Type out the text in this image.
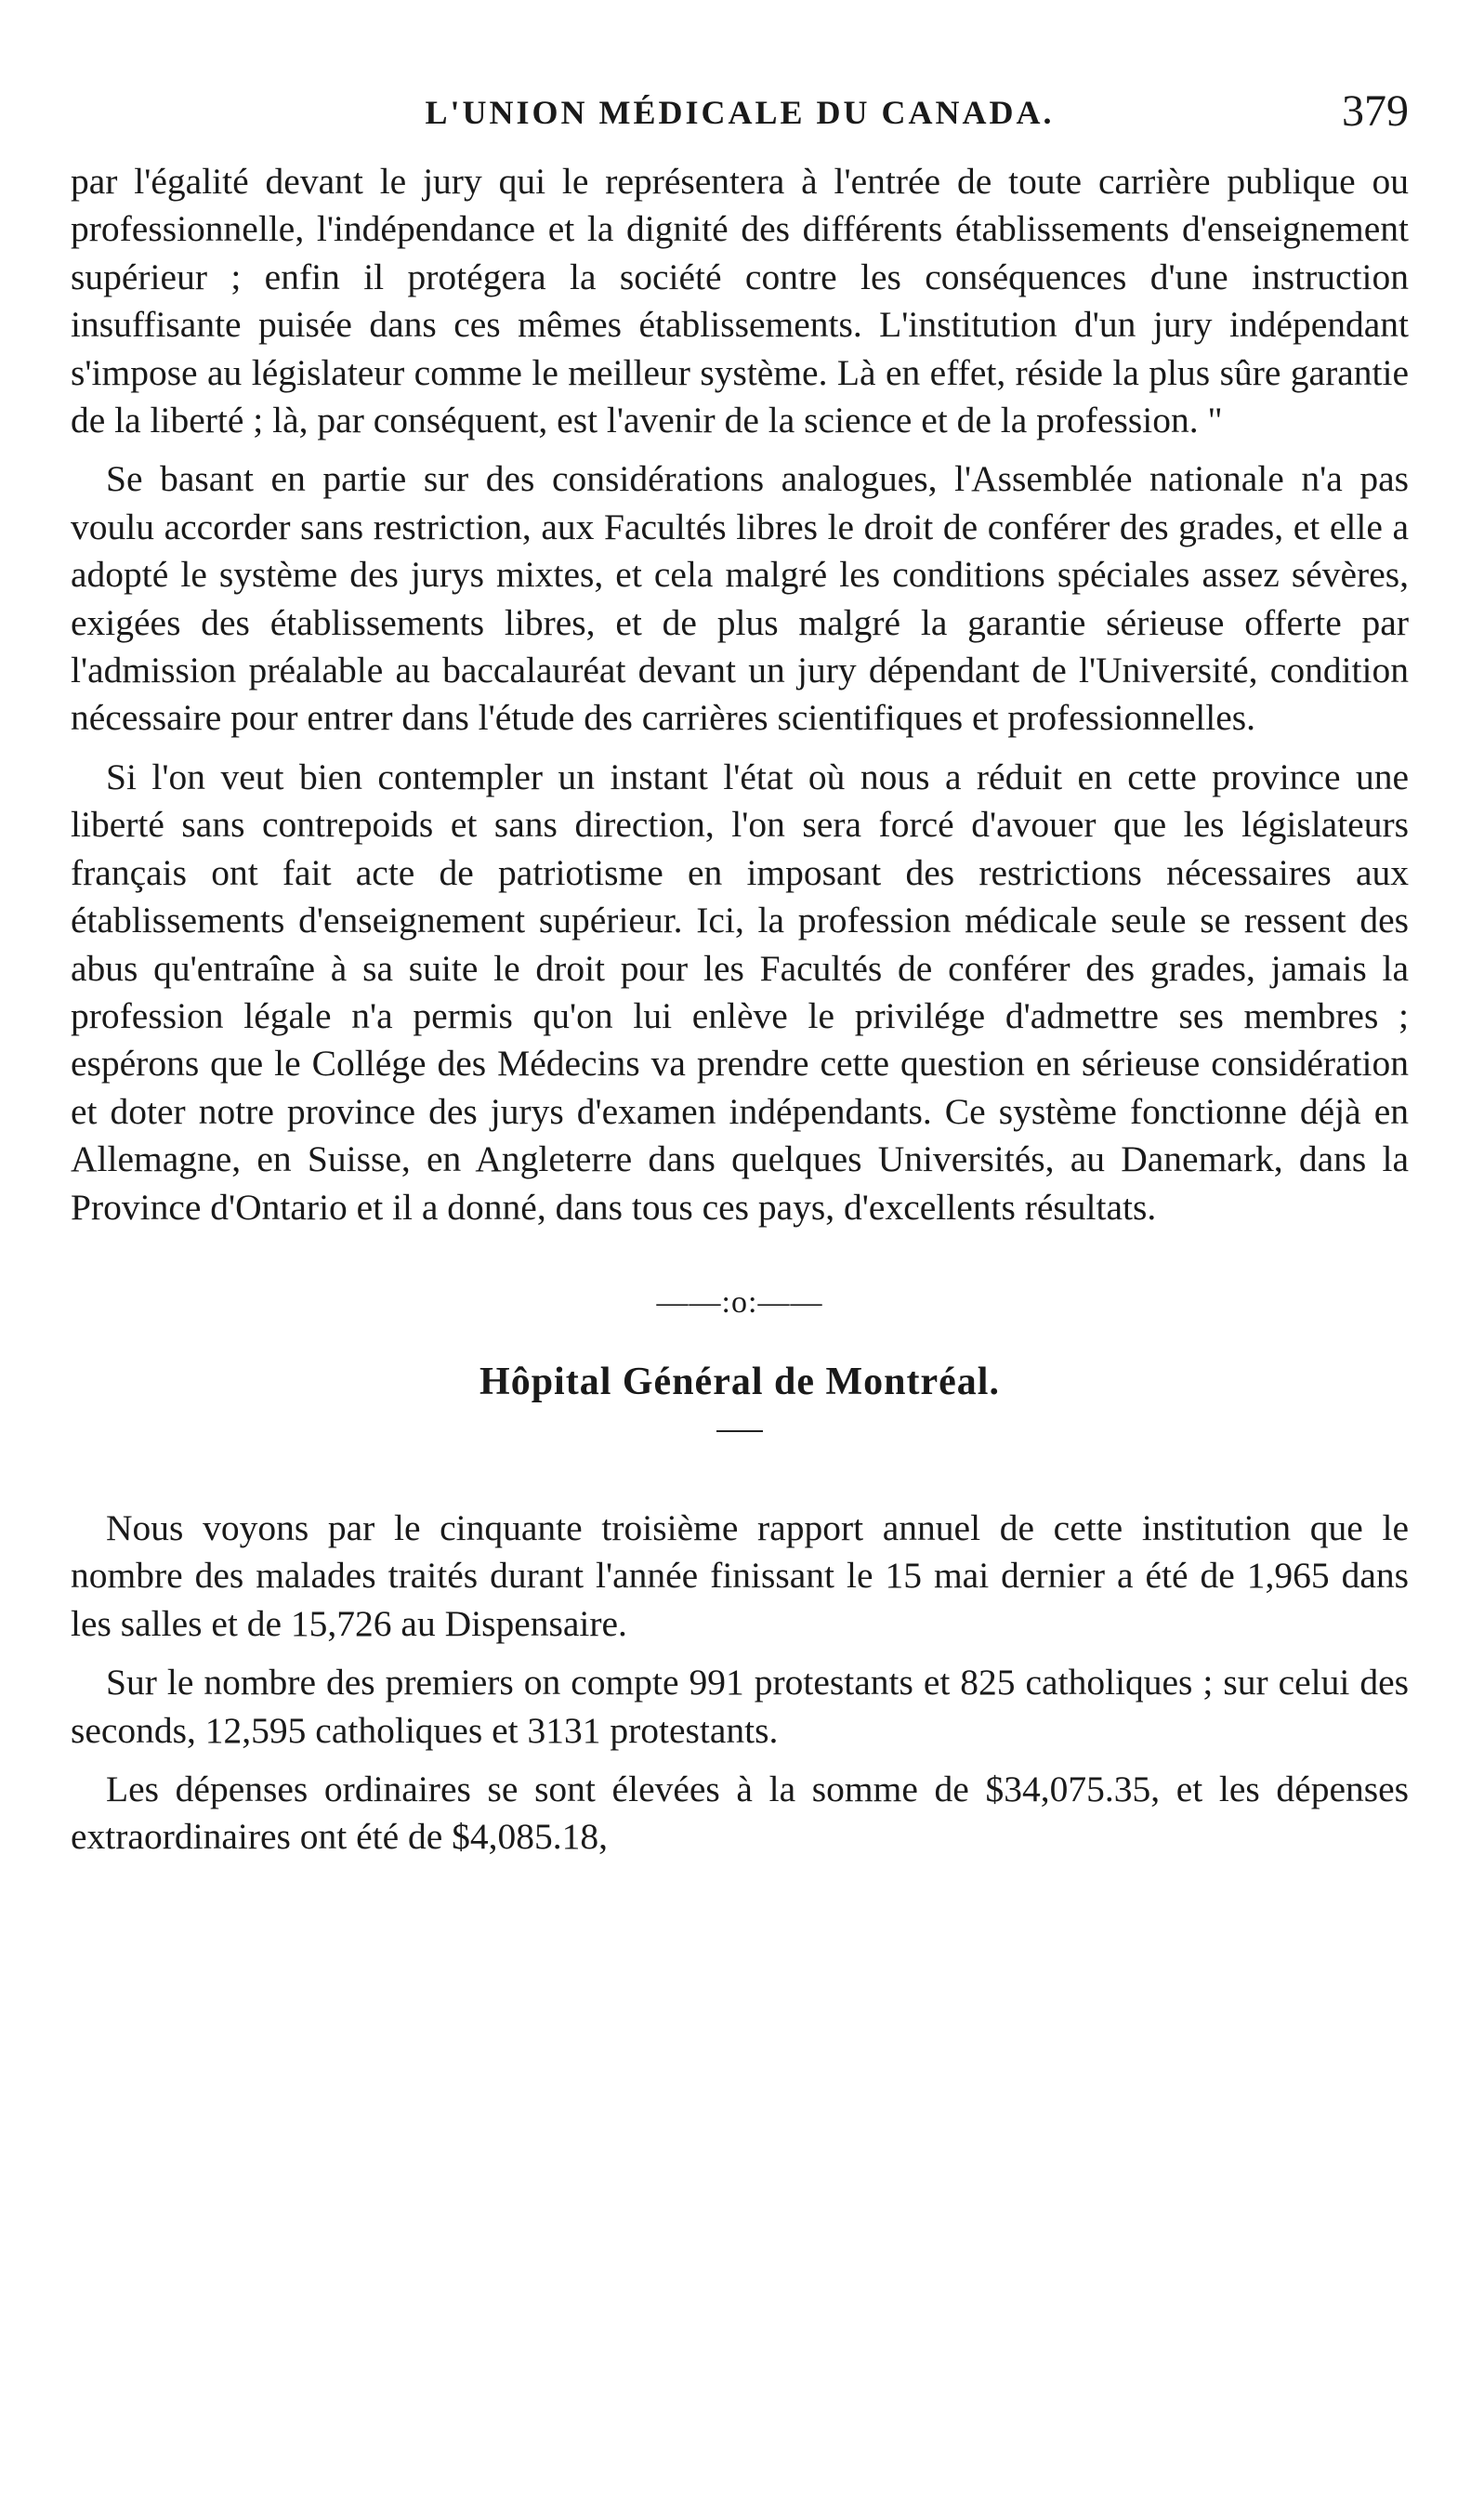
L'UNION MÉDICALE DU CANADA.	379

par l'égalité devant le jury qui le représentera à l'entrée de toute carrière publique ou professionnelle, l'indépendance et la dignité des différents établissements d'enseignement supérieur ; enfin il protégera la société contre les conséquences d'une instruction insuffisante puisée dans ces mêmes établissements. L'institution d'un jury indépendant s'impose au législateur comme le meilleur système. Là en effet, réside la plus sûre garantie de la liberté ; là, par conséquent, est l'avenir de la science et de la profession. "

Se basant en partie sur des considérations analogues, l'Assemblée nationale n'a pas voulu accorder sans restriction, aux Facultés libres le droit de conférer des grades, et elle a adopté le système des jurys mixtes, et cela malgré les conditions spéciales assez sévères, exigées des établissements libres, et de plus malgré la garantie sérieuse offerte par l'admission préalable au baccalauréat devant un jury dépendant de l'Université, condition nécessaire pour entrer dans l'étude des carrières scientifiques et professionnelles.

Si l'on veut bien contempler un instant l'état où nous a réduit en cette province une liberté sans contrepoids et sans direction, l'on sera forcé d'avouer que les législateurs français ont fait acte de patriotisme en imposant des restrictions nécessaires aux établissements d'enseignement supérieur. Ici, la profession médicale seule se ressent des abus qu'entraîne à sa suite le droit pour les Facultés de conférer des grades, jamais la profession légale n'a permis qu'on lui enlève le privilége d'admettre ses membres ; espérons que le Collége des Médecins va prendre cette question en sérieuse considération et doter notre province des jurys d'examen indépendants. Ce système fonctionne déjà en Allemagne, en Suisse, en Angleterre dans quelques Universités, au Danemark, dans la Province d'Ontario et il a donné, dans tous ces pays, d'excellents résultats.

——:o:——
Hôpital Général de Montréal.

Nous voyons par le cinquante troisième rapport annuel de cette institution que le nombre des malades traités durant l'année finissant le 15 mai dernier a été de 1,965 dans les salles et de 15,726 au Dispensaire.

Sur le nombre des premiers on compte 991 protestants et 825 catholiques ; sur celui des seconds, 12,595 catholiques et 3131 protestants.

Les dépenses ordinaires se sont élevées à la somme de $34,075.35, et les dépenses extraordinaires ont été de $4,085.18,
